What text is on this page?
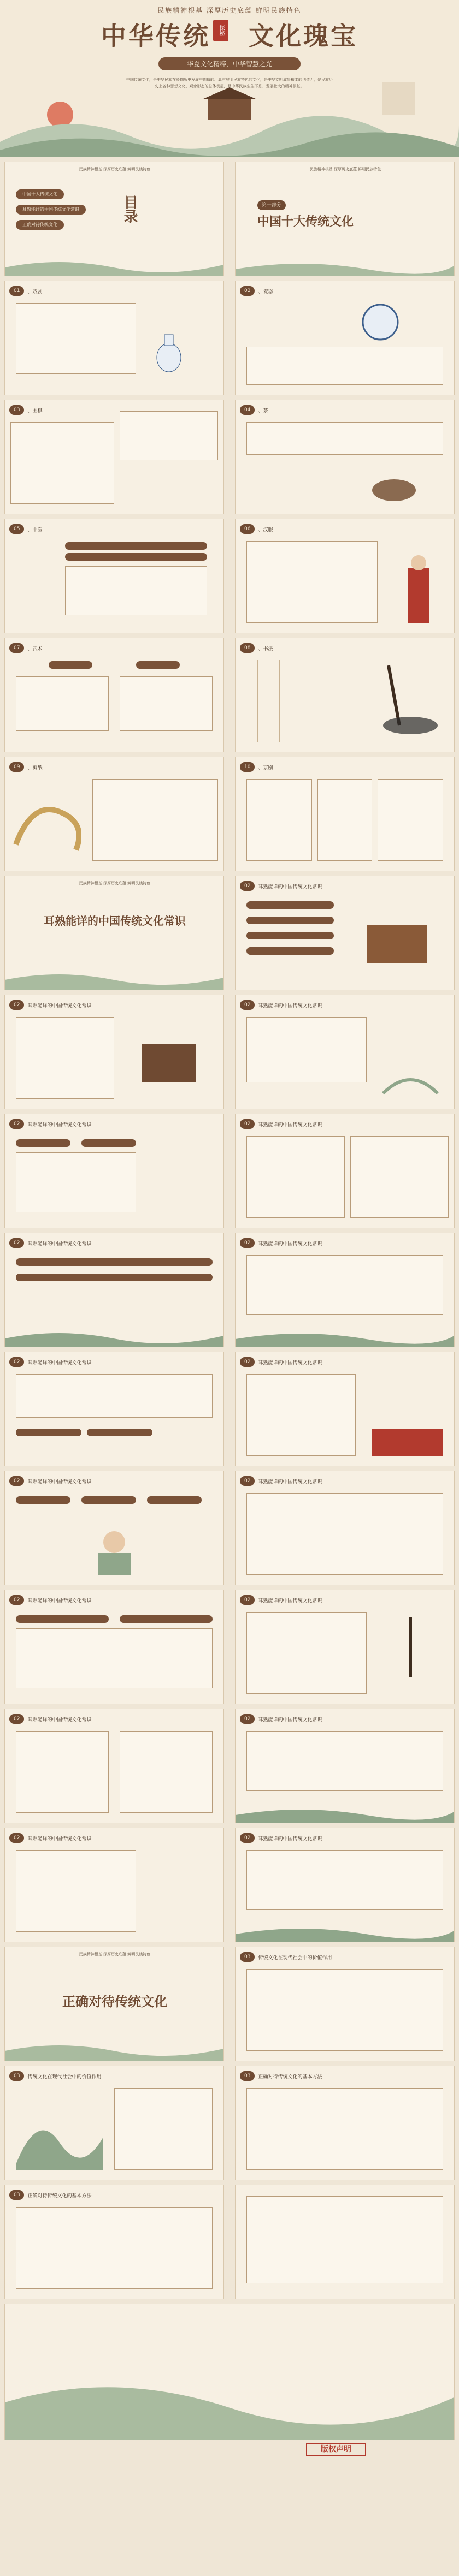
民族精神根基 深厚历史底蕴 鲜明民族特色
中华传统 文化瑰宝
探秘
华夏文化精粹，中华智慧之光
中国传统文化，是中华民族在长期历史发展中创造的、具有鲜明民族特色的文化，是中华文明成果根本的创造力，是民族历史上各种思想文化、观念形态的总体表征，是中华民族生生不息、发展壮大的精神根基。
民族精神根基 深厚历史底蕴 鲜明民族特色
中国十大传统文化
耳熟能详的中国传统文化常识
正确对待传统文化
目录
民族精神根基 深厚历史底蕴 鲜明民族特色
第一部分
中国十大传统文化
01	、戏剧	02	、瓷器
03	、围棋	04	、茶
05	、中医	06	、汉服
07	、武术	08	、书法
09	、剪纸	10	、京剧
民族精神根基 深厚历史底蕴 鲜明民族特色
耳熟能详的中国传统文化常识
02	耳熟能详的中国传统文化常识
02	耳熟能详的中国传统文化常识	02	耳熟能详的中国传统文化常识
02	耳熟能详的中国传统文化常识	02	耳熟能详的中国传统文化常识
02	耳熟能详的中国传统文化常识	02	耳熟能详的中国传统文化常识
02	耳熟能详的中国传统文化常识	02	耳熟能详的中国传统文化常识
02	耳熟能详的中国传统文化常识	02	耳熟能详的中国传统文化常识
02	耳熟能详的中国传统文化常识	02	耳熟能详的中国传统文化常识
02	耳熟能详的中国传统文化常识	02	耳熟能详的中国传统文化常识
02	耳熟能详的中国传统文化常识	02	耳熟能详的中国传统文化常识
民族精神根基 深厚历史底蕴 鲜明民族特色
正确对待传统文化
03	传统文化在现代社会中的价值作用
03	传统文化在现代社会中的价值作用	03	正确对待传统文化的基本方法
03	正确对待传统文化的基本方法
版权声明
